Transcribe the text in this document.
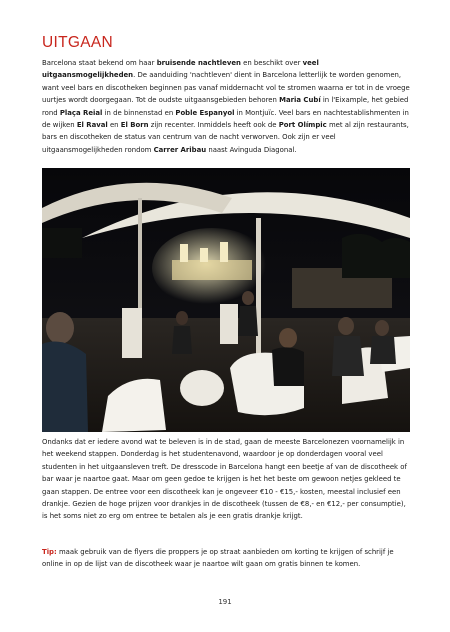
UITGAAN

Barcelona staat bekend om haar bruisende nachtleven en beschikt over veel uitgaansmogelijkheden. De aanduiding 'nachtleven' dient in Barcelona letterlijk te worden genomen, want veel bars en discotheken beginnen pas vanaf middernacht vol te stromen waarna er tot in de vroege uurtjes wordt doorgegaan. Tot de oudste uitgaansgebieden behoren Maria Cubí in l'Eixample, het gebied rond Plaça Reial in de binnenstad en Poble Espanyol in Montjuïc. Veel bars en nachtestablishmenten in de wijken El Raval en El Born zijn recenter. Inmiddels heeft ook de Port Olímpic met al zijn restaurants, bars en discotheken de status van centrum van de nacht verworven. Ook zijn er veel uitgaansmogelijkheden rondom Carrer Aribau naast Avinguda Diagonal.

Ondanks dat er iedere avond wat te beleven is in de stad, gaan de meeste Barcelonezen voornamelijk in het weekend stappen. Donderdag is het studentenavond, waardoor je op donderdagen vooral veel studenten in het uitgaansleven treft. De dresscode in Barcelona hangt een beetje af van de discotheek of bar waar je naartoe gaat. Maar om geen gedoe te krijgen is het het beste om gewoon netjes gekleed te gaan stappen. De entree voor een discotheek kan je ongeveer €10 - €15,- kosten, meestal inclusief een drankje. Gezien de hoge prijzen voor drankjes in de discotheek (tussen de €8,- en €12,- per consumptie), is het soms niet zo erg om entree te betalen als je een gratis drankje krijgt.

Tip: maak gebruik van de flyers die proppers je op straat aanbieden om korting te krijgen of schrijf je online in op de lijst van de discotheek waar je naartoe wilt gaan om gratis binnen te komen.

191
